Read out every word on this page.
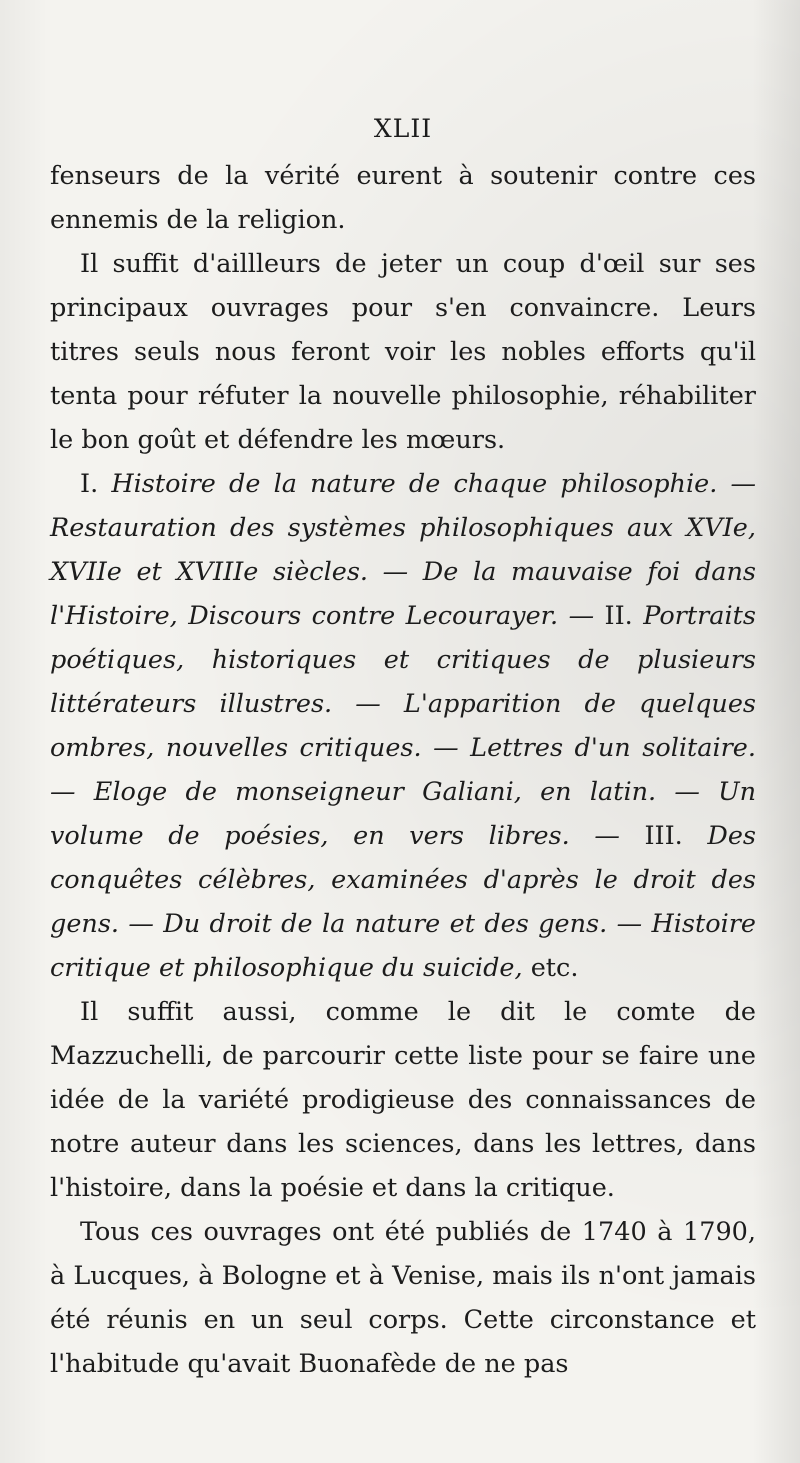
XLII

fenseurs de la vérité eurent à soutenir contre ces ennemis de la religion.

Il suffit d'aillleurs de jeter un coup d'œil sur ses principaux ouvrages pour s'en convaincre. Leurs titres seuls nous feront voir les nobles efforts qu'il tenta pour réfuter la nouvelle philosophie, réhabiliter le bon goût et défendre les mœurs.

I. Histoire de la nature de chaque philosophie. — Restauration des systèmes philosophiques aux XVIe, XVIIe et XVIIIe siècles. — De la mauvaise foi dans l'Histoire, Discours contre Lecourayer. — II. Portraits poétiques, historiques et critiques de plusieurs littérateurs illustres. — L'apparition de quelques ombres, nouvelles critiques. — Lettres d'un solitaire. — Eloge de monseigneur Galiani, en latin. — Un volume de poésies, en vers libres. — III. Des conquêtes célèbres, examinées d'après le droit des gens. — Du droit de la nature et des gens. — Histoire critique et philosophique du suicide, etc.

Il suffit aussi, comme le dit le comte de Mazzuchelli, de parcourir cette liste pour se faire une idée de la variété prodigieuse des connaissances de notre auteur dans les sciences, dans les lettres, dans l'histoire, dans la poésie et dans la critique.

Tous ces ouvrages ont été publiés de 1740 à 1790, à Lucques, à Bologne et à Venise, mais ils n'ont jamais été réunis en un seul corps. Cette circonstance et l'habitude qu'avait Buonafède de ne pas
